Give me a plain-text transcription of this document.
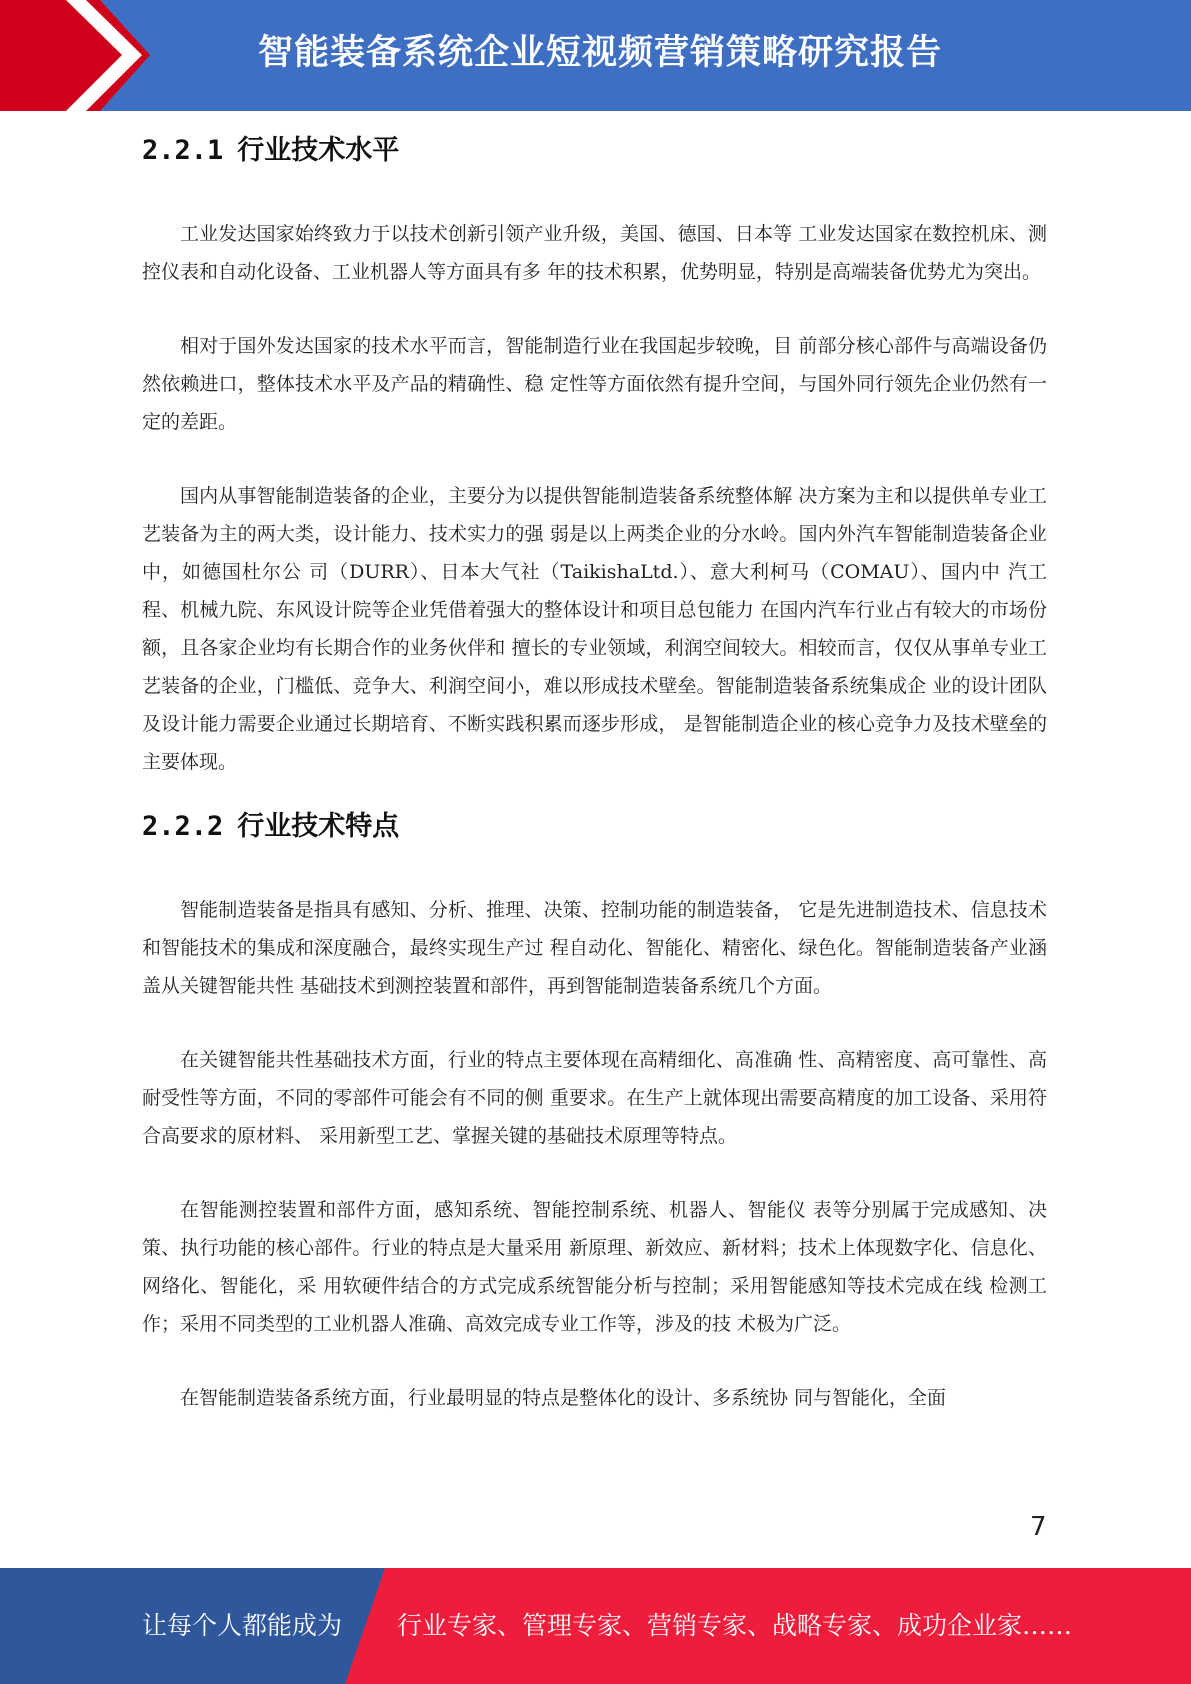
智能装备系统企业短视频营销策略研究报告
2.2.1 行业技术水平

工业发达国家始终致力于以技术创新引领产业升级，美国、德国、日本等 工业发达国家在数控机床、测控仪表和自动化设备、工业机器人等方面具有多 年的技术积累，优势明显，特别是高端装备优势尤为突出。

相对于国外发达国家的技术水平而言，智能制造行业在我国起步较晚，目 前部分核心部件与高端设备仍然依赖进口，整体技术水平及产品的精确性、稳 定性等方面依然有提升空间，与国外同行领先企业仍然有一定的差距。

国内从事智能制造装备的企业，主要分为以提供智能制造装备系统整体解 决方案为主和以提供单专业工艺装备为主的两大类，设计能力、技术实力的强 弱是以上两类企业的分水岭。国内外汽车智能制造装备企业中，如德国杜尔公 司（DURR）、日本大气社（TaikishaLtd.）、意大利柯马（COMAU）、国内中 汽工程、机械九院、东风设计院等企业凭借着强大的整体设计和项目总包能力 在国内汽车行业占有较大的市场份额，且各家企业均有长期合作的业务伙伴和 擅长的专业领域，利润空间较大。相较而言，仅仅从事单专业工艺装备的企业，门槛低、竞争大、利润空间小，难以形成技术壁垒。智能制造装备系统集成企 业的设计团队及设计能力需要企业通过长期培育、不断实践积累而逐步形成， 是智能制造企业的核心竞争力及技术壁垒的主要体现。

2.2.2 行业技术特点

智能制造装备是指具有感知、分析、推理、决策、控制功能的制造装备， 它是先进制造技术、信息技术和智能技术的集成和深度融合，最终实现生产过 程自动化、智能化、精密化、绿色化。智能制造装备产业涵盖从关键智能共性 基础技术到测控装置和部件，再到智能制造装备系统几个方面。

在关键智能共性基础技术方面，行业的特点主要体现在高精细化、高准确 性、高精密度、高可靠性、高耐受性等方面，不同的零部件可能会有不同的侧 重要求。在生产上就体现出需要高精度的加工设备、采用符合高要求的原材料、 采用新型工艺、掌握关键的基础技术原理等特点。

在智能测控装置和部件方面，感知系统、智能控制系统、机器人、智能仪 表等分别属于完成感知、决策、执行功能的核心部件。行业的特点是大量采用 新原理、新效应、新材料；技术上体现数字化、信息化、网络化、智能化，采 用软硬件结合的方式完成系统智能分析与控制；采用智能感知等技术完成在线 检测工作；采用不同类型的工业机器人准确、高效完成专业工作等，涉及的技 术极为广泛。

在智能制造装备系统方面，行业最明显的特点是整体化的设计、多系统协 同与智能化，全面

7
让每个人都能成为 行业专家、管理专家、营销专家、战略专家、成功企业家……
